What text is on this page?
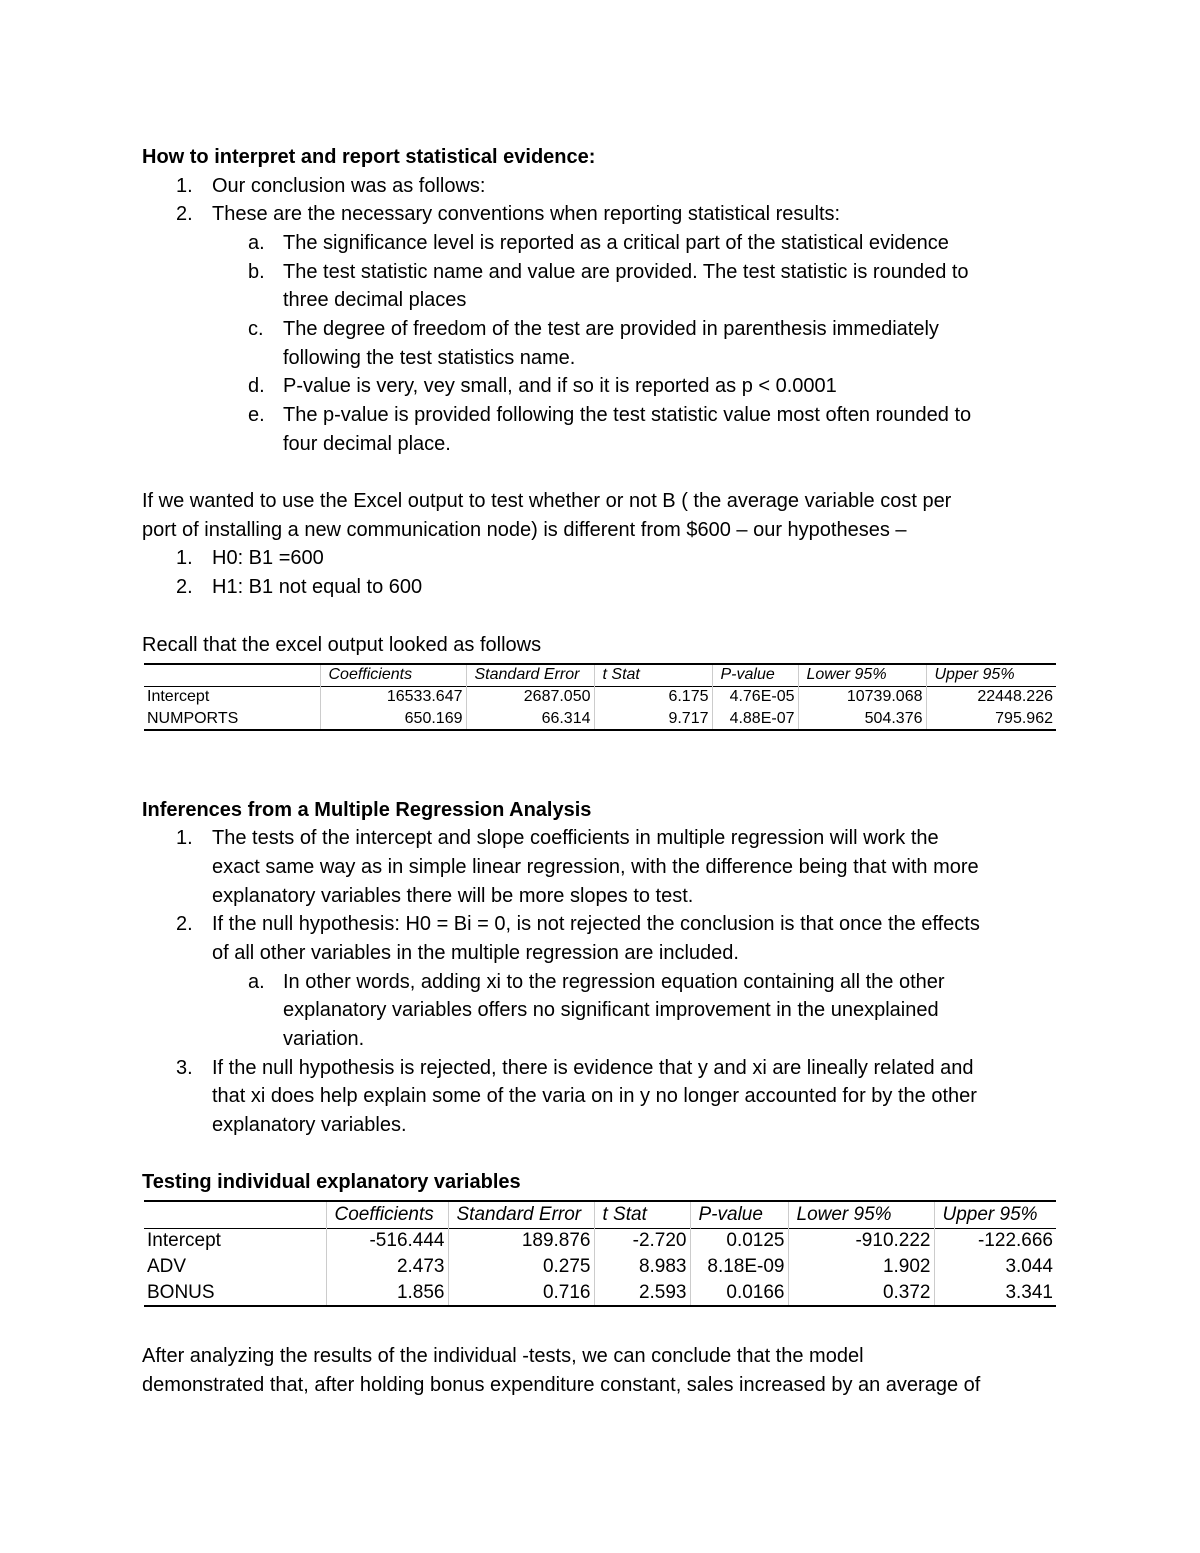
How to interpret and report statistical evidence:
1. Our conclusion was as follows:
2. These are the necessary conventions when reporting statistical results:
a. The significance level is reported as a critical part of the statistical evidence
b. The test statistic name and value are provided. The test statistic is rounded to
three decimal places
c. The degree of freedom of the test are provided in parenthesis immediately
following the test statistics name.
d. P-value is very, vey small, and if so it is reported as p < 0.0001
e. The p-value is provided following the test statistic value most often rounded to
four decimal place.
If we wanted to use the Excel output to test whether or not B ( the average variable cost per
port of installing a new communication node) is different from $600 – our hypotheses –
1. H0: B1 =600
2. H1: B1 not equal to 600
Recall that the excel output looked as follows
	Coefficients	Standard Error	t Stat	P-value	Lower 95%	Upper 95%
Intercept	16533.647	2687.050	6.175	4.76E-05	10739.068	22448.226
NUMPORTS	650.169	66.314	9.717	4.88E-07	504.376	795.962
Inferences from a Multiple Regression Analysis
1. The tests of the intercept and slope coefficients in multiple regression will work the
exact same way as in simple linear regression, with the difference being that with more
explanatory variables there will be more slopes to test.
2. If the null hypothesis: H0 = Bi = 0, is not rejected the conclusion is that once the effects
of all other variables in the multiple regression are included.
a. In other words, adding xi to the regression equation containing all the other
explanatory variables offers no significant improvement in the unexplained
variation.
3. If the null hypothesis is rejected, there is evidence that y and xi are lineally related and
that xi does help explain some of the varia on in y no longer accounted for by the other
explanatory variables.
Testing individual explanatory variables
	Coefficients	Standard Error	t Stat	P-value	Lower 95%	Upper 95%
Intercept	-516.444	189.876	-2.720	0.0125	-910.222	-122.666
ADV	2.473	0.275	8.983	8.18E-09	1.902	3.044
BONUS	1.856	0.716	2.593	0.0166	0.372	3.341
After analyzing the results of the individual -tests, we can conclude that the model
demonstrated that, after holding bonus expenditure constant, sales increased by an average of
